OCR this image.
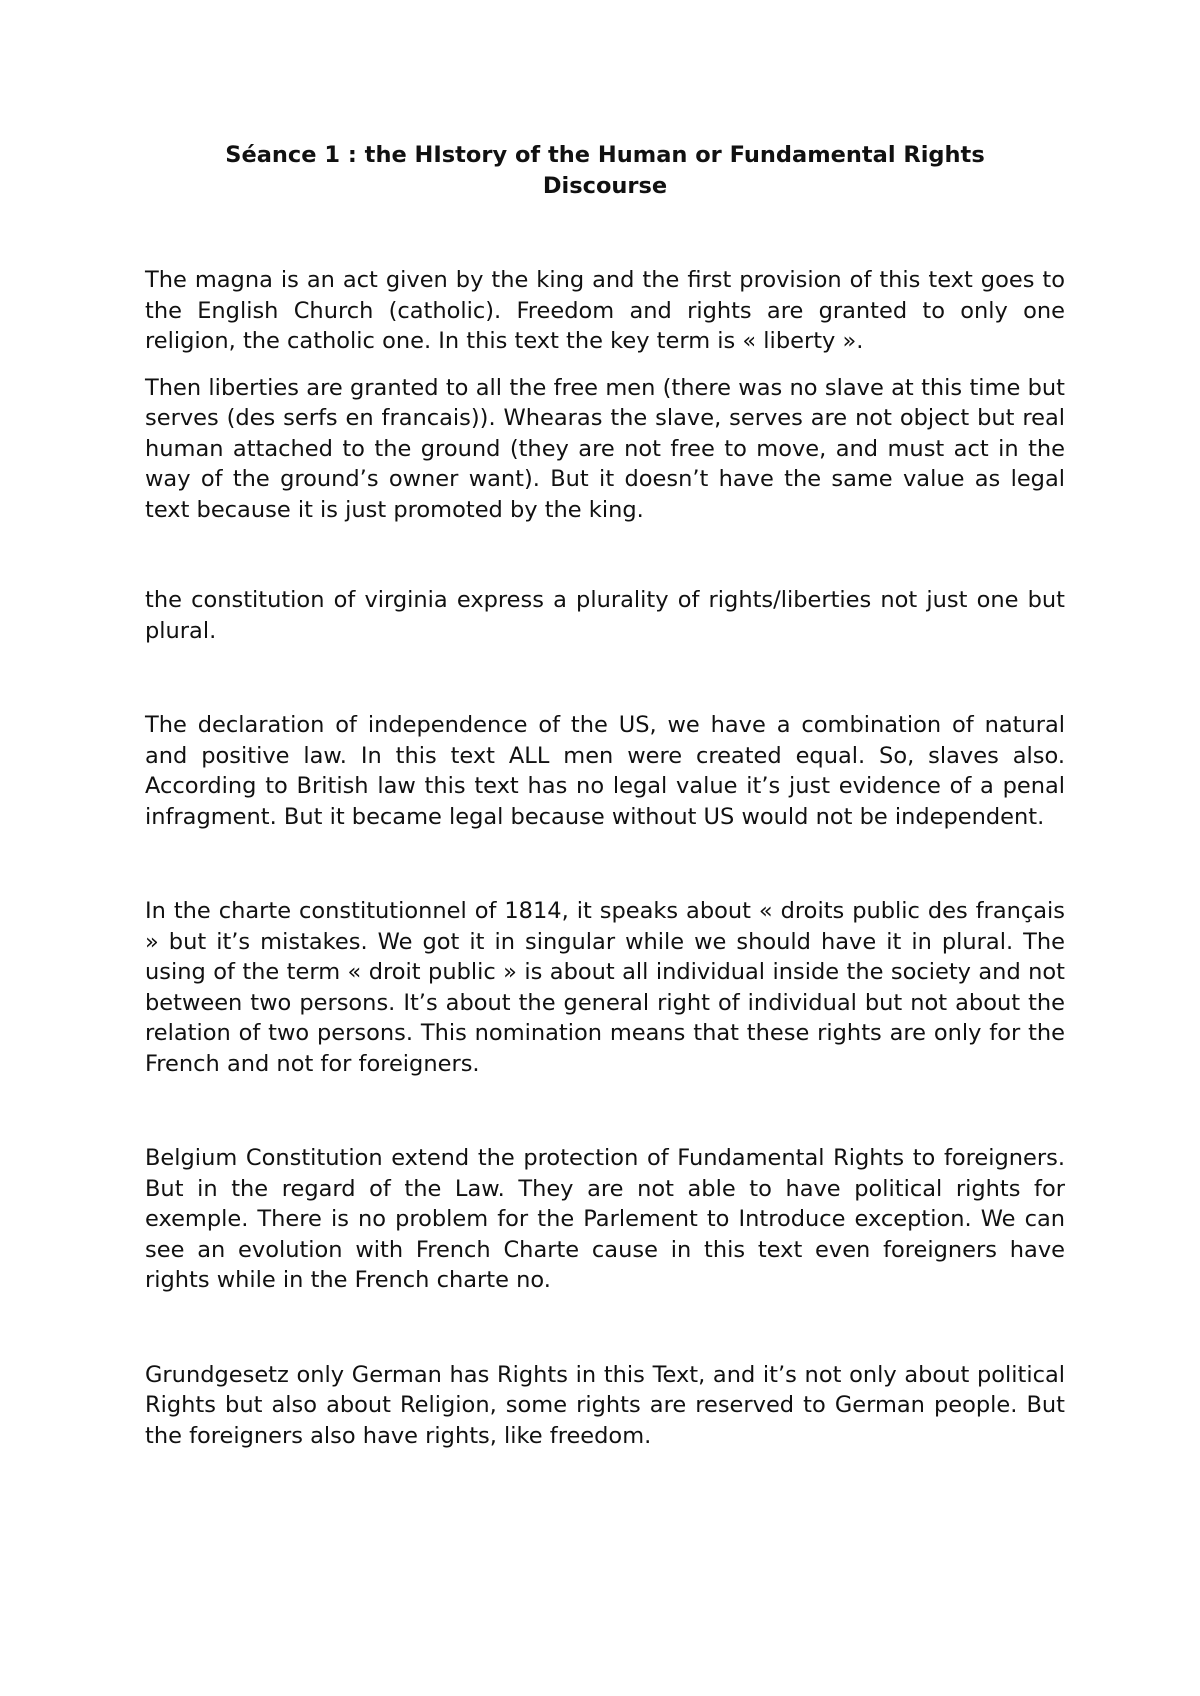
Séance 1 : the HIstory of the Human or Fundamental Rights
Discourse

The magna is an act given by the king and the first provision of this text goes to the English Church (catholic). Freedom and rights are granted to only one religion, the catholic one. In this text the key term is « liberty ».

Then liberties are granted to all the free men (there was no slave at this time but serves (des serfs en francais)). Whearas the slave, serves are not object but real human attached to the ground (they are not free to move, and must act in the way of the ground’s owner want). But it doesn’t have the same value as legal text because it is just promoted by the king.

the constitution of virginia express a plurality of rights/liberties not just one but plural.

The declaration of independence of the US, we have a combination of natural and positive law. In this text ALL men were created equal. So, slaves also. According to British law this text has no legal value it’s just evidence of a penal infragment. But it became legal because without US would not be independent.

In the charte constitutionnel of 1814, it speaks about « droits public des français » but it’s mistakes. We got it in singular while we should have it in plural. The using of the term « droit public » is about all individual inside the society and not between two persons. It’s about the general right of individual but not about the relation of two persons. This nomination means that these rights are only for the French and not for foreigners.

Belgium Constitution extend the protection of Fundamental Rights to foreigners. But in the regard of the Law. They are not able to have political rights for exemple. There is no problem for the Parlement to Introduce exception. We can see an evolution with French Charte cause in this text even foreigners have rights while in the French charte no.

Grundgesetz only German has Rights in this Text, and it’s not only about political Rights but also about Religion, some rights are reserved to German people. But the foreigners also have rights, like freedom.
